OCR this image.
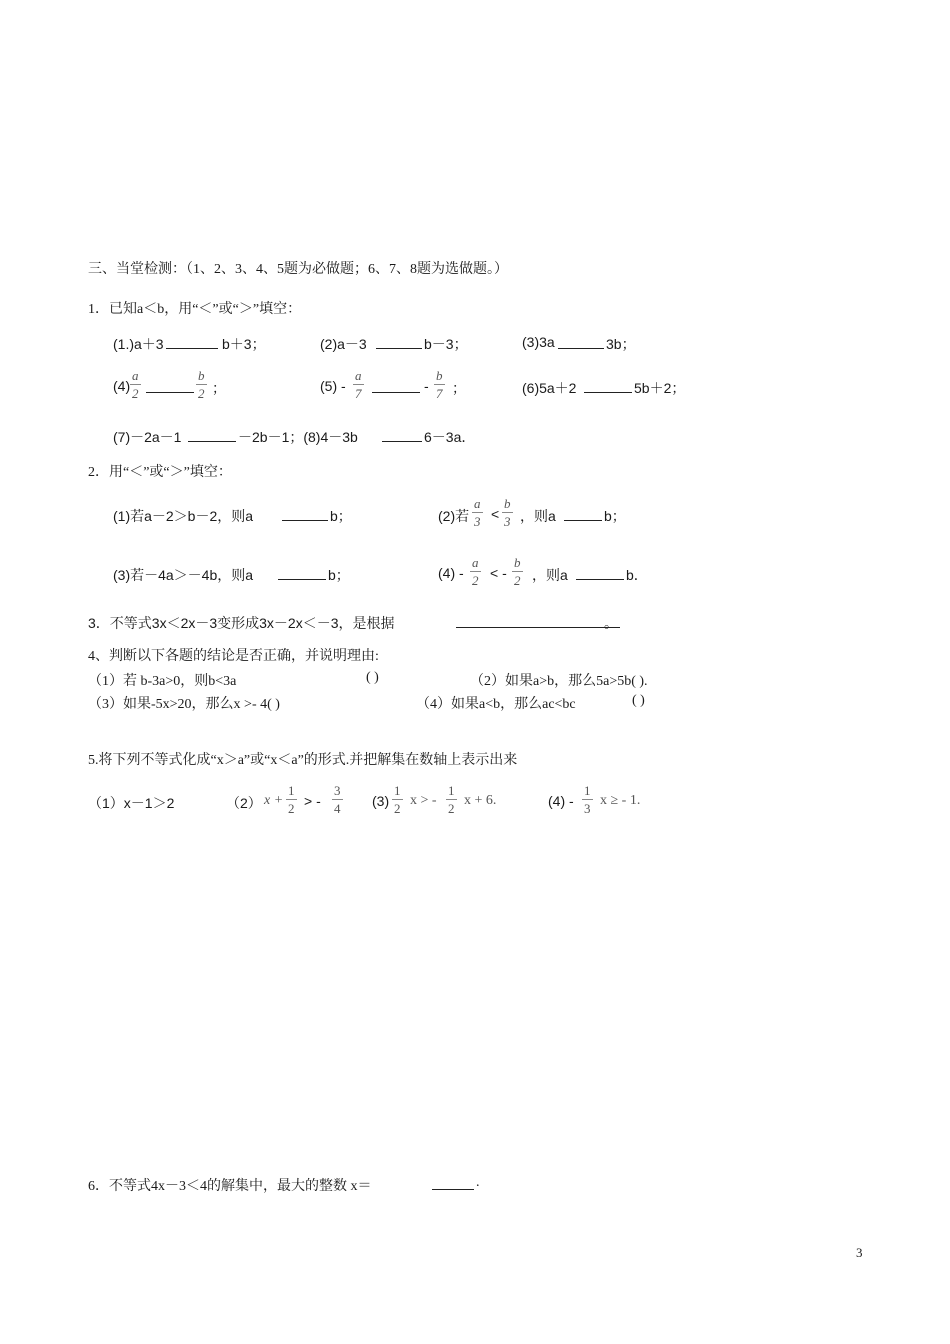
三、当堂检测：（1、2、3、4、5题为必做题；6、7、8题为选做题。）
1．已知a＜b，用“＜”或“＞”填空：
(1.)a＋3	b＋3；	(2)a－3	b－3；	(3)3a	3b；
$(4) \frac{a}{2}$	$\frac{b}{2}$ ；	$(5) - \frac{a}{7}$	- $\frac{b}{7}$ ；	(6)5a＋2	5b＋2；
(7)－2a－1	－2b－1；(8)4－3b	6－3a．
2．用“＜”或“＞”填空：
(1)若a－2＞b－2，则a	b；	(2)若 $\frac{a}{3} < \frac{b}{3}$ ，则a	b；
(3)若－4a＞－4b，则a	b；	$(4) - \frac{a}{2}$ < - $\frac{b}{2}$ ，则a	b．
3．不等式3x＜2x－3变形成3x－2x＜－3，是根据	。
4、判断以下各题的结论是否正确，并说明理由:
（1）若 b-3a>0，则b<3a	( )	（2）如果a>b，那么5a>5b( ).
（3）如果-5x>20，那么x >- 4( )	（4）如果a<b，那么ac<bc	( )
5.将下列不等式化成“x＞a”或“x＜a”的形式.并把解集在数轴上表示出来
（1）x－1＞2	（2） $x + \frac{1}{2}$ > - $\frac{3}{4} (3) \frac{1}{2}$ x > - $\frac{1}{2}$ x + 6.	$(4) - \frac{1}{3}$ x ≥ - 1.
6．不等式4x－3＜4的解集中，最大的整数 x＝	.
3
